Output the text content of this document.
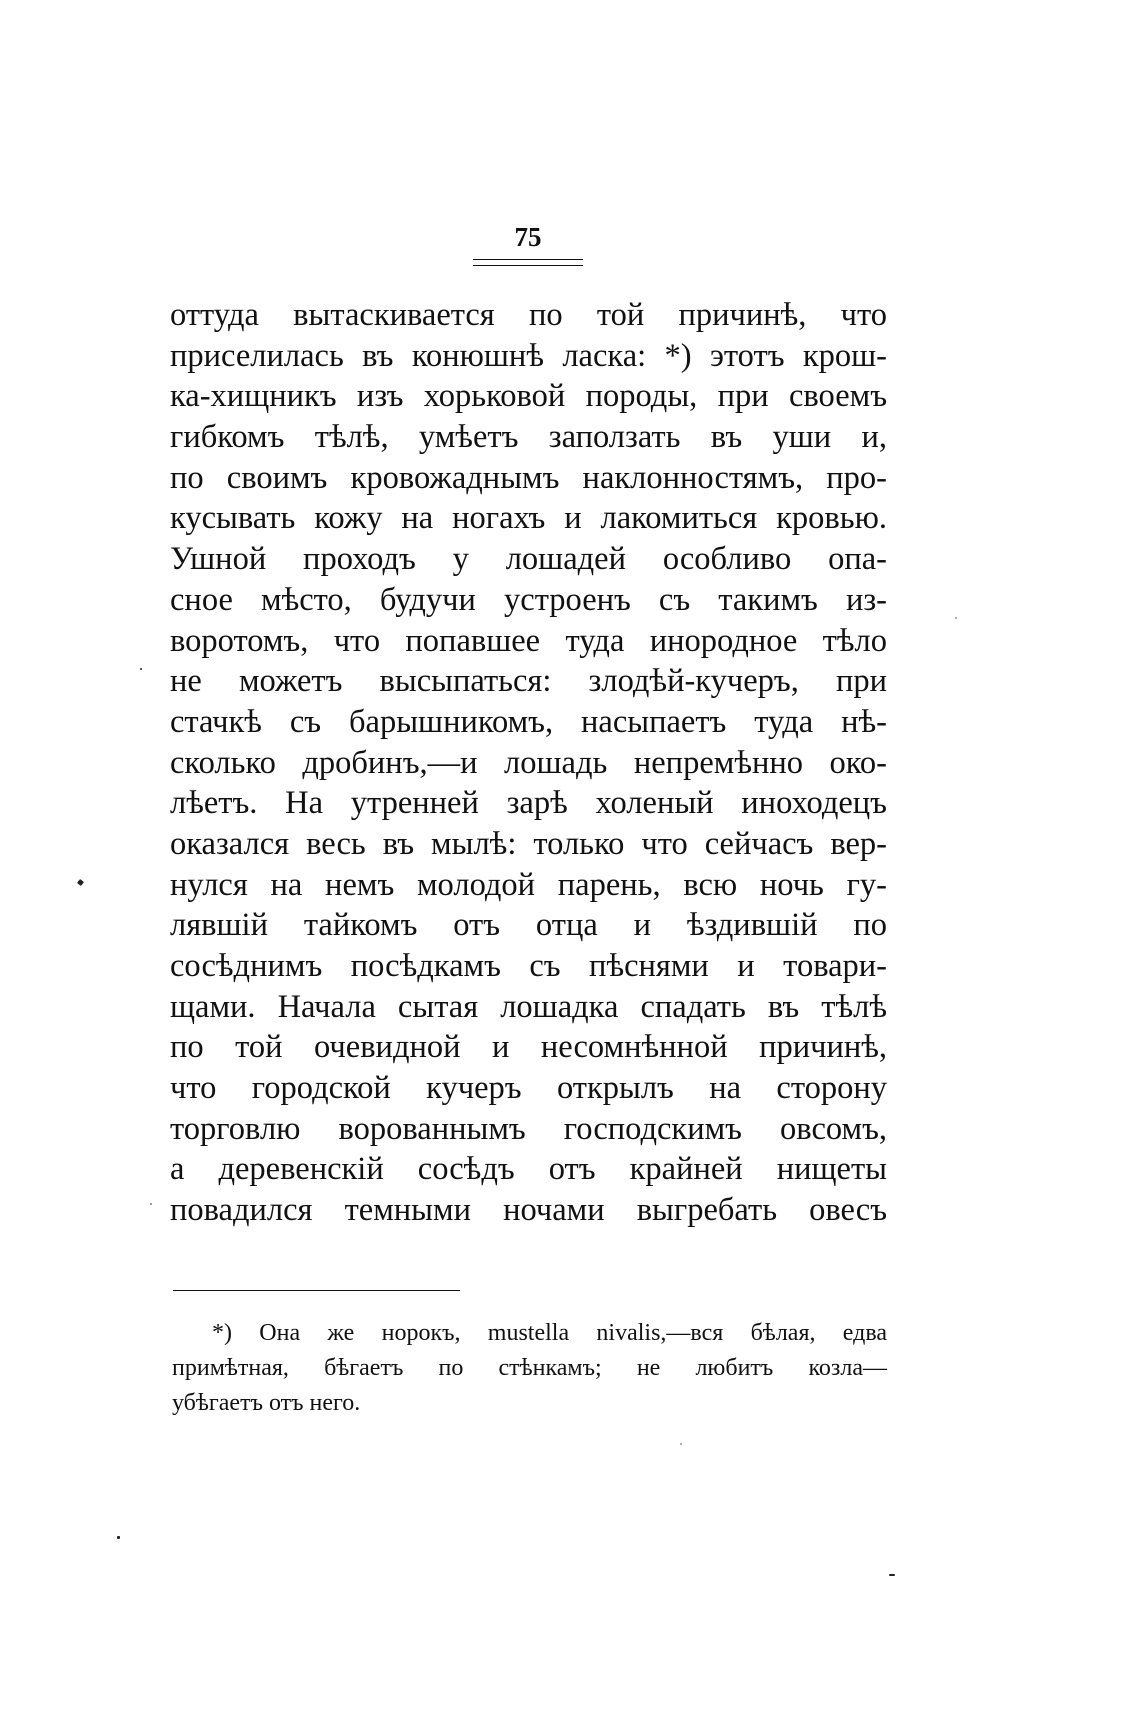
75
оттуда вытаскивается по той причинѣ, что
приселилась въ конюшнѣ ласка: *) этотъ крош-
ка-хищникъ изъ хорьковой породы, при своемъ
гибкомъ тѣлѣ, умѣетъ заползать въ уши и,
по своимъ кровожаднымъ наклонностямъ, про-
кусывать кожу на ногахъ и лакомиться кровью.
Ушной проходъ у лошадей особливо опа-
сное мѣсто, будучи устроенъ съ такимъ из-
воротомъ, что попавшее туда инородное тѣло
не можетъ высыпаться: злодѣй-кучеръ, при
стачкѣ съ барышникомъ, насыпаетъ туда нѣ-
сколько дробинъ,—и лошадь непремѣнно око-
лѣетъ. На утренней зарѣ холеный иноходецъ
оказался весь въ мылѣ: только что сейчасъ вер-
нулся на немъ молодой парень, всю ночь гу-
лявшій тайкомъ отъ отца и ѣздившій по
сосѣднимъ посѣдкамъ съ пѣснями и товари-
щами. Начала сытая лошадка спадать въ тѣлѣ
по той очевидной и несомнѣнной причинѣ,
что городской кучеръ открылъ на сторону
торговлю ворованнымъ господскимъ овсомъ,
а деревенскій сосѣдъ отъ крайней нищеты
повадился темными ночами выгребать овесъ
*) Она же норокъ, mustella nivalis,—вся бѣлая, едва
примѣтная, бѣгаетъ по стѣнкамъ; не любитъ козла—
убѣгаетъ отъ него.
